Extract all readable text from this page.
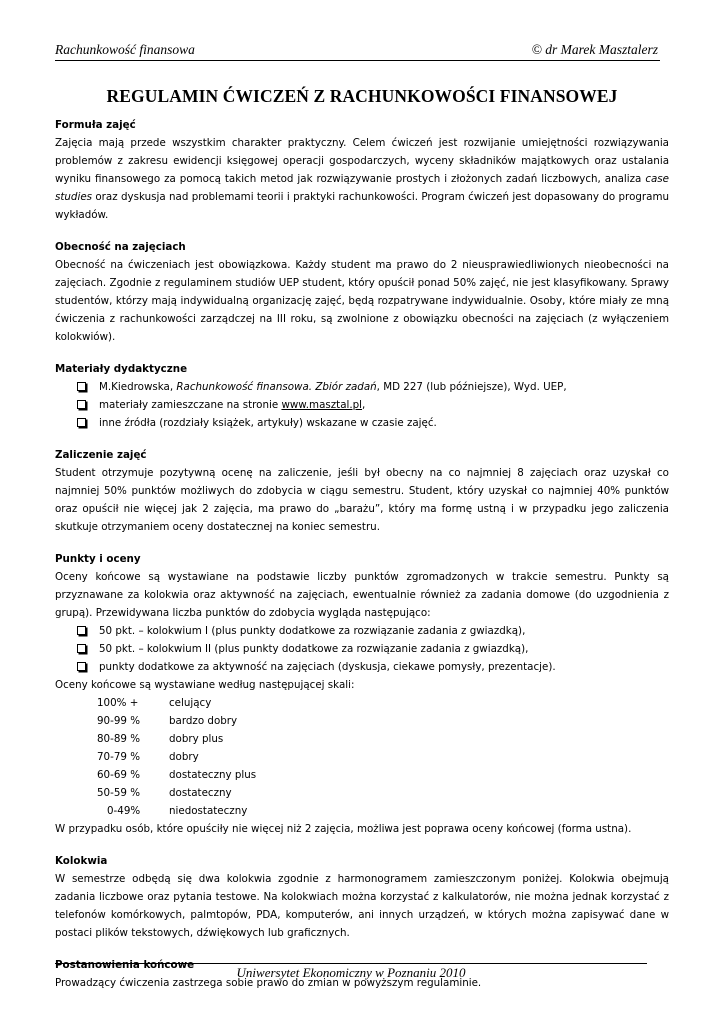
Rachunkowość finansowa	© dr Marek Masztalerz
REGULAMIN ĆWICZEŃ Z RACHUNKOWOŚCI FINANSOWEJ

Formuła zajęć

Zajęcia mają przede wszystkim charakter praktyczny. Celem ćwiczeń jest rozwijanie umiejętności rozwiązywania problemów z zakresu ewidencji księgowej operacji gospodarczych, wyceny składników majątkowych oraz ustalania wyniku finansowego za pomocą takich metod jak rozwiązywanie prostych i złożonych zadań liczbowych, analiza case studies oraz dyskusja nad problemami teorii i praktyki rachunkowości. Program ćwiczeń jest dopasowany do programu wykładów.

Obecność na zajęciach

Obecność na ćwiczeniach jest obowiązkowa. Każdy student ma prawo do 2 nieusprawiedliwionych nieobecności na zajęciach. Zgodnie z regulaminem studiów UEP student, który opuścił ponad 50% zajęć, nie jest klasyfikowany. Sprawy studentów, którzy mają indywidualną organizację zajęć, będą rozpatrywane indywidualnie. Osoby, które miały ze mną ćwiczenia z rachunkowości zarządczej na III roku, są zwolnione z obowiązku obecności na zajęciach (z wyłączeniem kolokwiów).

Materiały dydaktyczne

M.Kiedrowska, Rachunkowość finansowa. Zbiór zadań, MD 227 (lub późniejsze), Wyd. UEP,
materiały zamieszczane na stronie www.masztal.pl,
inne źródła (rozdziały książek, artykuły) wskazane w czasie zajęć.

Zaliczenie zajęć

Student otrzymuje pozytywną ocenę na zaliczenie, jeśli był obecny na co najmniej 8 zajęciach oraz uzyskał co najmniej 50% punktów możliwych do zdobycia w ciągu semestru. Student, który uzyskał co najmniej 40% punktów oraz opuścił nie więcej jak 2 zajęcia, ma prawo do „barażu”, który ma formę ustną i w przypadku jego zaliczenia skutkuje otrzymaniem oceny dostatecznej na koniec semestru.

Punkty i oceny

Oceny końcowe są wystawiane na podstawie liczby punktów zgromadzonych w trakcie semestru. Punkty są przyznawane za kolokwia oraz aktywność na zajęciach, ewentualnie również za zadania domowe (do uzgodnienia z grupą). Przewidywana liczba punktów do zdobycia wygląda następująco:

50 pkt. – kolokwium I (plus punkty dodatkowe za rozwiązanie zadania z gwiazdką),
50 pkt. – kolokwium II (plus punkty dodatkowe za rozwiązanie zadania z gwiazdką),
punkty dodatkowe za aktywność na zajęciach (dyskusja, ciekawe pomysły, prezentacje).

Oceny końcowe są wystawiane według następującej skali:

100% +	celujący
90-99 %	bardzo dobry
80-89 %	dobry plus
70-79 %	dobry
60-69 %	dostateczny plus
50-59 %	dostateczny
0-49%	niedostateczny

W przypadku osób, które opuściły nie więcej niż 2 zajęcia, możliwa jest poprawa oceny końcowej (forma ustna).

Kolokwia

W semestrze odbędą się dwa kolokwia zgodnie z harmonogramem zamieszczonym poniżej. Kolokwia obejmują zadania liczbowe oraz pytania testowe. Na kolokwiach można korzystać z kalkulatorów, nie można jednak korzystać z telefonów komórkowych, palmtopów, PDA, komputerów, ani innych urządzeń, w których można zapisywać dane w postaci plików tekstowych, dźwiękowych lub graficznych.

Postanowienia końcowe

Prowadzący ćwiczenia zastrzega sobie prawo do zmian w powyższym regulaminie.

Uniwersytet Ekonomiczny w Poznaniu 2010
